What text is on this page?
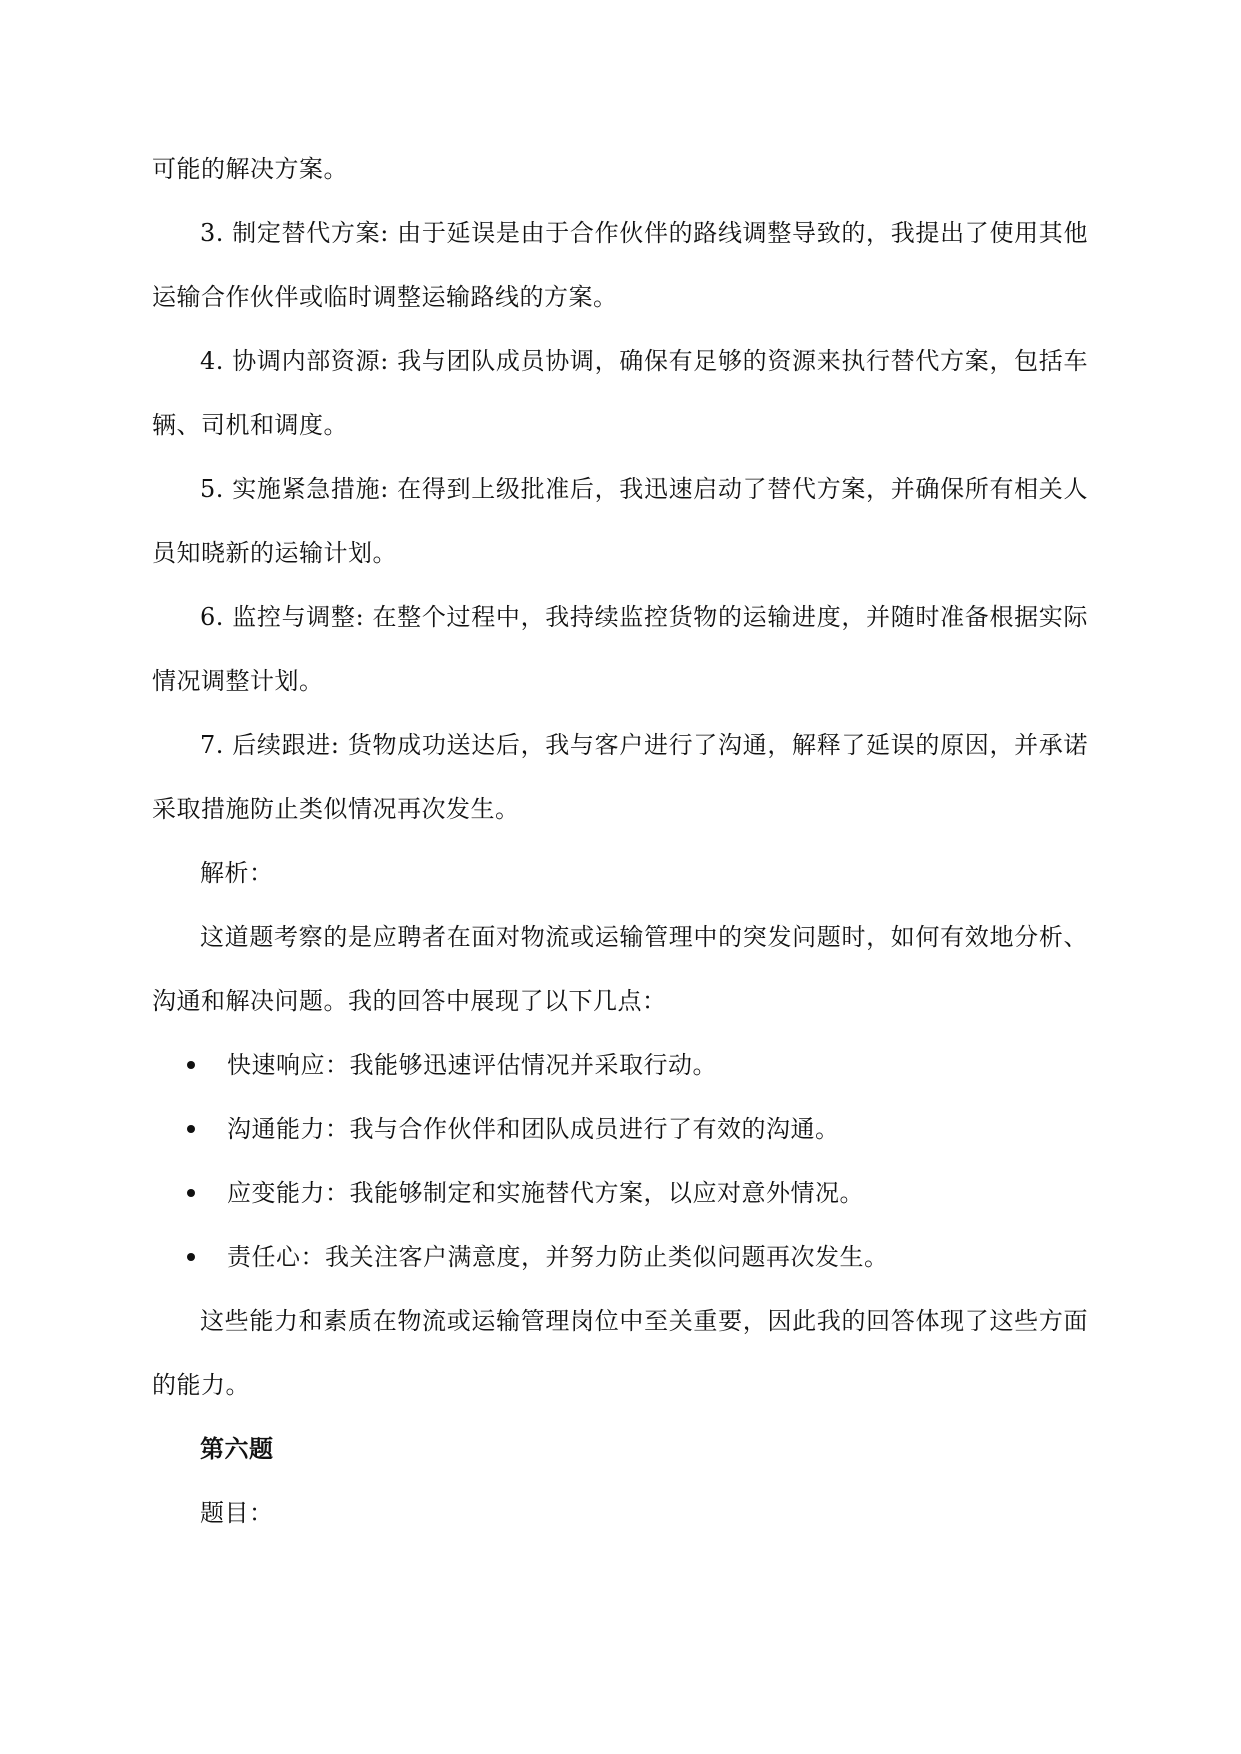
可能的解决方案。

3. 制定替代方案: 由于延误是由于合作伙伴的路线调整导致的，我提出了使用其他运输合作伙伴或临时调整运输路线的方案。

4. 协调内部资源: 我与团队成员协调，确保有足够的资源来执行替代方案，包括车辆、司机和调度。

5. 实施紧急措施: 在得到上级批准后，我迅速启动了替代方案，并确保所有相关人员知晓新的运输计划。

6. 监控与调整: 在整个过程中，我持续监控货物的运输进度，并随时准备根据实际情况调整计划。

7. 后续跟进: 货物成功送达后，我与客户进行了沟通，解释了延误的原因，并承诺采取措施防止类似情况再次发生。

解析：

这道题考察的是应聘者在面对物流或运输管理中的突发问题时，如何有效地分析、沟通和解决问题。我的回答中展现了以下几点：

快速响应：我能够迅速评估情况并采取行动。
沟通能力：我与合作伙伴和团队成员进行了有效的沟通。
应变能力：我能够制定和实施替代方案，以应对意外情况。
责任心：我关注客户满意度，并努力防止类似问题再次发生。

这些能力和素质在物流或运输管理岗位中至关重要，因此我的回答体现了这些方面的能力。

第六题

题目：
